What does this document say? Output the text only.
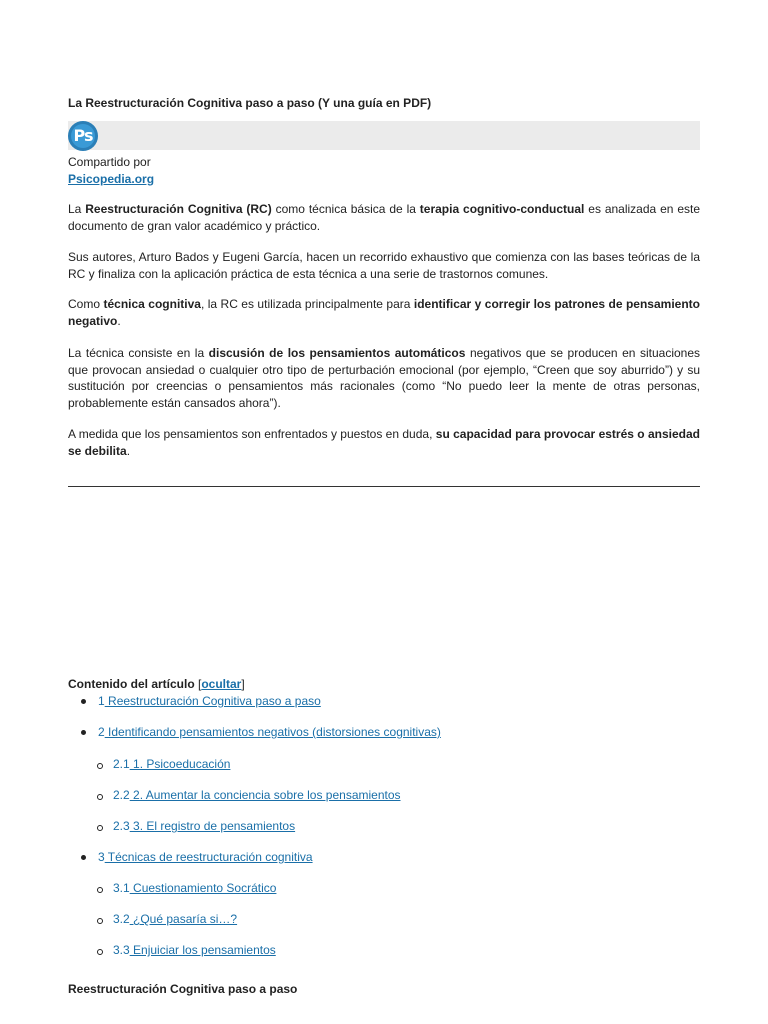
La Reestructuración Cognitiva paso a paso (Y una guía en PDF)
Ps
Compartido por
Psicopedia.org

La Reestructuración Cognitiva (RC) como técnica básica de la terapia cognitivo-conductual es analizada en este documento de gran valor académico y práctico.

Sus autores, Arturo Bados y Eugeni García, hacen un recorrido exhaustivo que comienza con las bases teóricas de la RC y finaliza con la aplicación práctica de esta técnica a una serie de trastornos comunes.

Como técnica cognitiva, la RC es utilizada principalmente para identificar y corregir los patrones de pensamiento negativo.

La técnica consiste en la discusión de los pensamientos automáticos negativos que se producen en situaciones que provocan ansiedad o cualquier otro tipo de perturbación emocional (por ejemplo, “Creen que soy aburrido”) y su sustitución por creencias o pensamientos más racionales (como “No puedo leer la mente de otras personas, probablemente están cansados ahora”).

A medida que los pensamientos son enfrentados y puestos en duda, su capacidad para provocar estrés o ansiedad se debilita.

Contenido del artículo [ocultar]
1 Reestructuración Cognitiva paso a paso
2 Identificando pensamientos negativos (distorsiones cognitivas)
2.1 1. Psicoeducación
2.2 2. Aumentar la conciencia sobre los pensamientos
2.3 3. El registro de pensamientos
3 Técnicas de reestructuración cognitiva
3.1 Cuestionamiento Socrático
3.2 ¿Qué pasaría si…?
3.3 Enjuiciar los pensamientos
Reestructuración Cognitiva paso a paso
